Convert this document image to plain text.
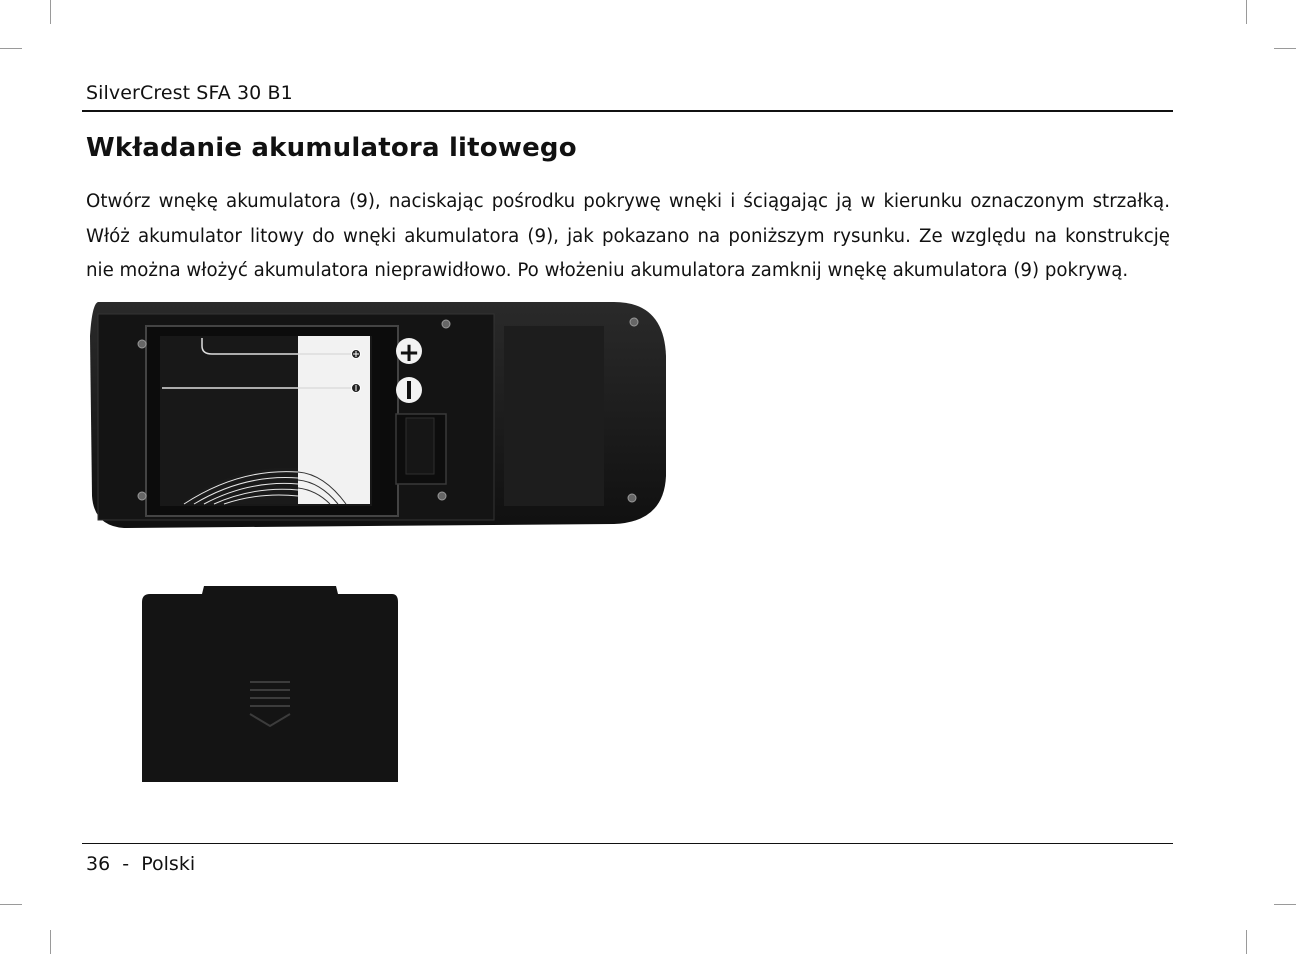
SilverCrest SFA 30 B1
Wkładanie akumulatora litowego
Otwórz wnękę akumulatora (9), naciskając pośrodku pokrywę wnęki i ściągając ją w kierunku oznaczonym strzałką.
Włóż akumulator litowy do wnęki akumulatora (9), jak pokazano na poniższym rysunku. Ze względu na konstrukcję
nie można włożyć akumulatora nieprawidłowo. Po włożeniu akumulatora zamknij wnękę akumulatora (9) pokrywą.
+
36 - Polski
